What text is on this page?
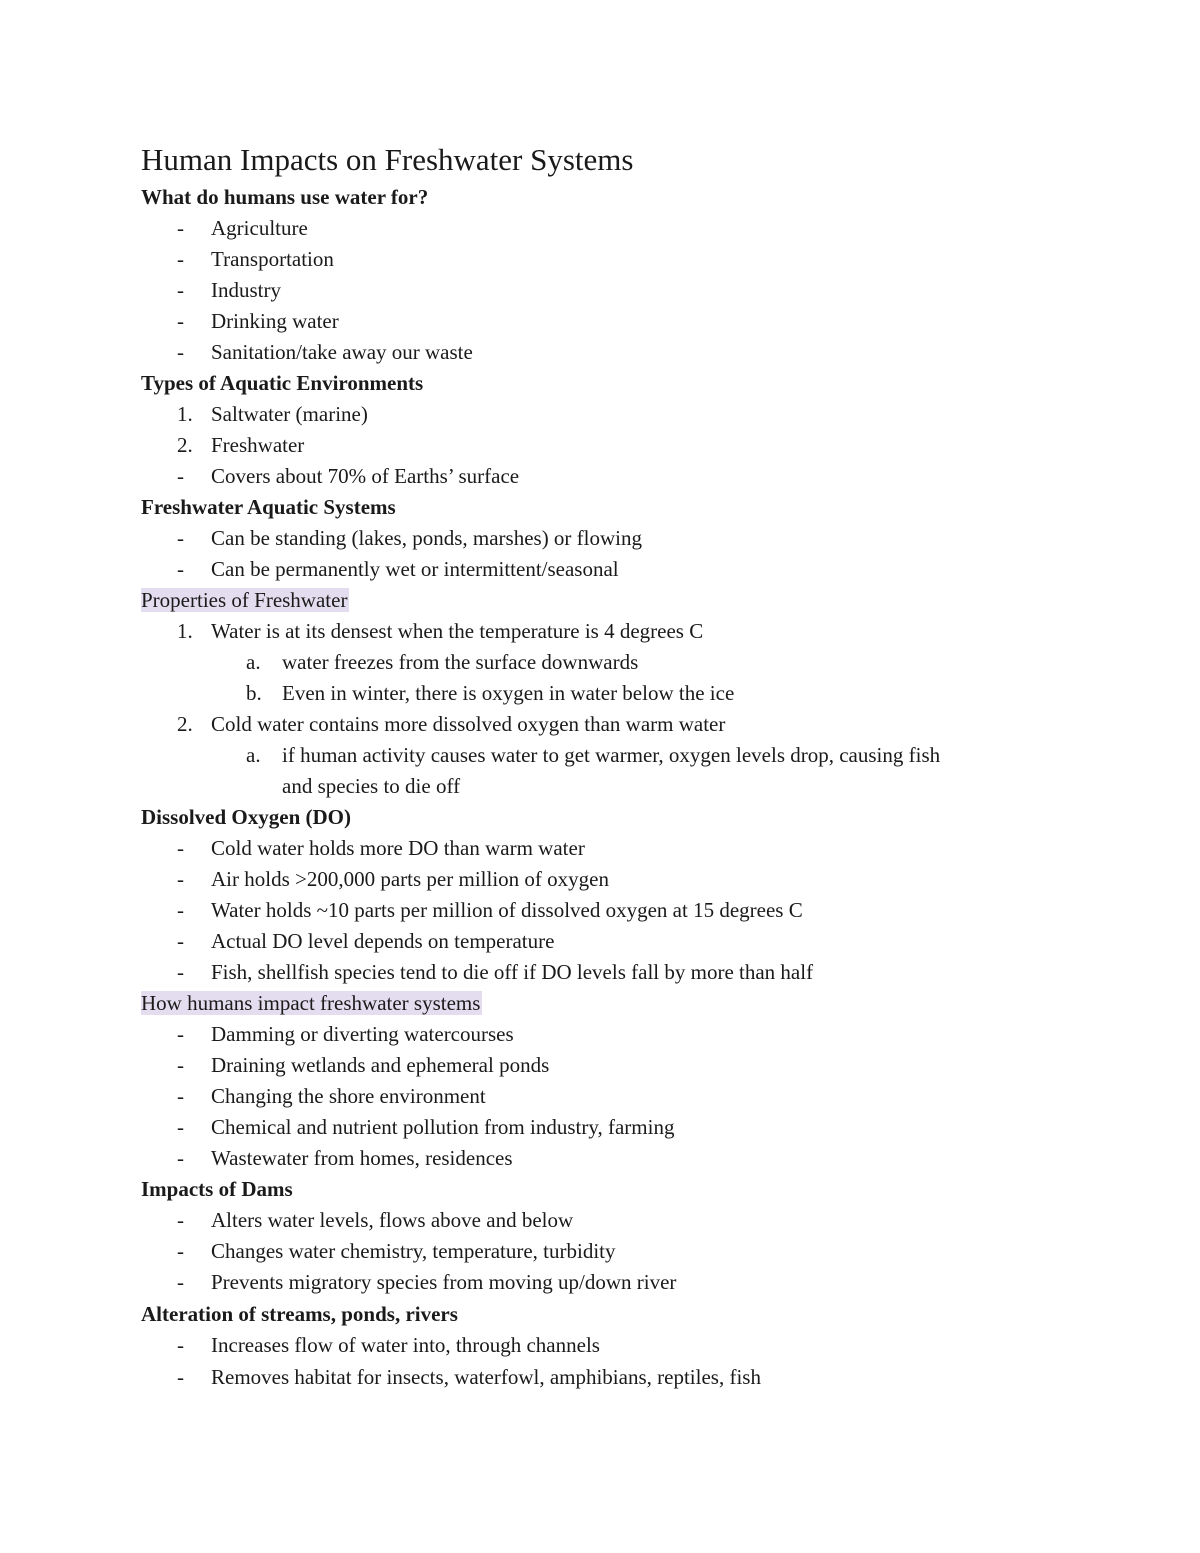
Human Impacts on Freshwater Systems
What do humans use water for?
- Agriculture
- Transportation
- Industry
- Drinking water
- Sanitation/take away our waste
Types of Aquatic Environments
1. Saltwater (marine)
2. Freshwater
- Covers about 70% of Earths’ surface
Freshwater Aquatic Systems
- Can be standing (lakes, ponds, marshes) or flowing
- Can be permanently wet or intermittent/seasonal
Properties of Freshwater
1. Water is at its densest when the temperature is 4 degrees C
a. water freezes from the surface downwards
b. Even in winter, there is oxygen in water below the ice
2. Cold water contains more dissolved oxygen than warm water
a. if human activity causes water to get warmer, oxygen levels drop, causing fish
and species to die off
Dissolved Oxygen (DO)
- Cold water holds more DO than warm water
- Air holds >200,000 parts per million of oxygen
- Water holds ~10 parts per million of dissolved oxygen at 15 degrees C
- Actual DO level depends on temperature
- Fish, shellfish species tend to die off if DO levels fall by more than half
How humans impact freshwater systems
- Damming or diverting watercourses
- Draining wetlands and ephemeral ponds
- Changing the shore environment
- Chemical and nutrient pollution from industry, farming
- Wastewater from homes, residences
Impacts of Dams
- Alters water levels, flows above and below
- Changes water chemistry, temperature, turbidity
- Prevents migratory species from moving up/down river
Alteration of streams, ponds, rivers
- Increases flow of water into, through channels
- Removes habitat for insects, waterfowl, amphibians, reptiles, fish
